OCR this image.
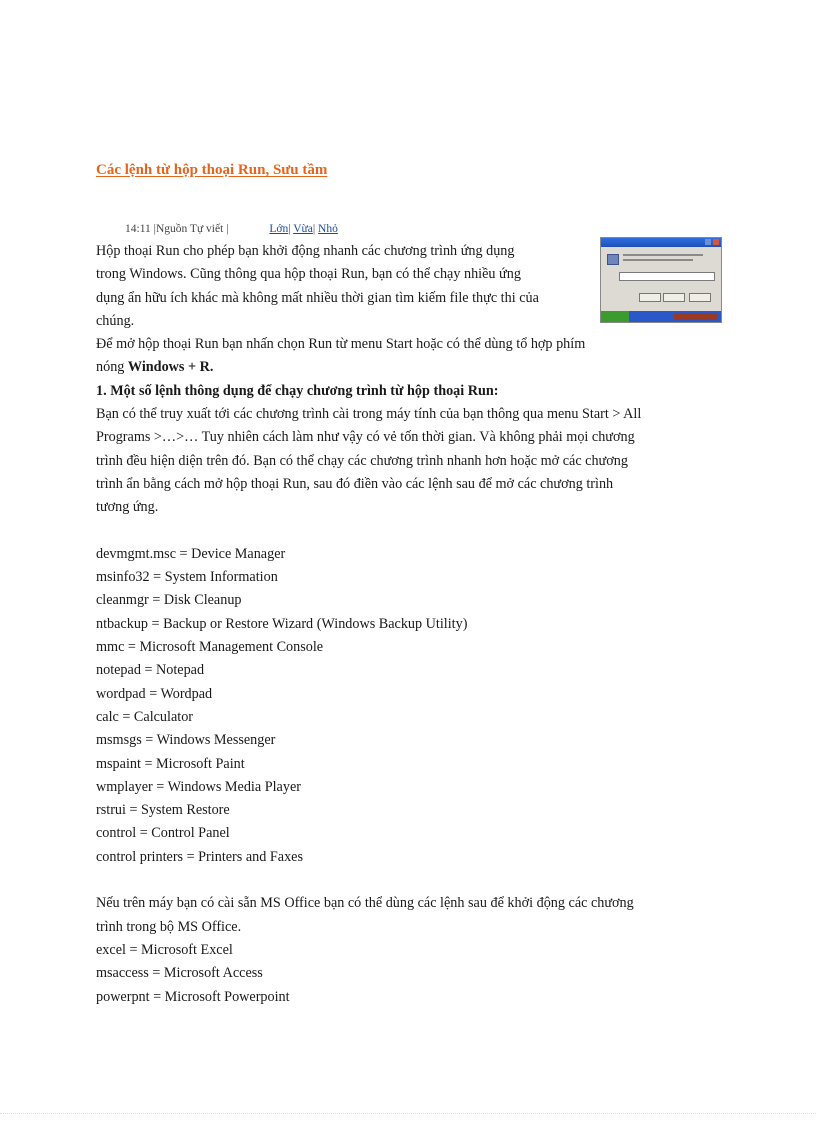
Các lệnh từ hộp thoại Run, Sưu tầm
14:11 |Nguồn Tự viết |	Lớn| Vừa| Nhỏ
Hộp thoại Run cho phép bạn khởi động nhanh các chương trình ứng dụng
trong Windows. Cũng thông qua hộp thoại Run, bạn có thể chạy nhiều ứng
dụng ẩn hữu ích khác mà không mất nhiều thời gian tìm kiếm file thực thi của
chúng.
Để mở hộp thoại Run bạn nhấn chọn Run từ menu Start hoặc có thể dùng tổ hợp phím
nóng Windows + R.
1. Một số lệnh thông dụng để chạy chương trình từ hộp thoại Run:
Bạn có thể truy xuất tới các chương trình cài trong máy tính của bạn thông qua menu Start > All
Programs >…>… Tuy nhiên cách làm như vậy có vẻ tốn thời gian. Và không phải mọi chương
trình đều hiện diện trên đó. Bạn có thể chạy các chương trình nhanh hơn hoặc mở các chương
trình ẩn bằng cách mở hộp thoại Run, sau đó điền vào các lệnh sau để mở các chương trình
tương ứng.
devmgmt.msc = Device Manager
msinfo32 = System Information
cleanmgr = Disk Cleanup
ntbackup = Backup or Restore Wizard (Windows Backup Utility)
mmc = Microsoft Management Console
notepad = Notepad
wordpad = Wordpad
calc = Calculator
msmsgs = Windows Messenger
mspaint = Microsoft Paint
wmplayer = Windows Media Player
rstrui = System Restore
control = Control Panel
control printers = Printers and Faxes
Nếu trên máy bạn có cài sẵn MS Office bạn có thể dùng các lệnh sau để khởi động các chương
trình trong bộ MS Office.
excel = Microsoft Excel
msaccess = Microsoft Access
powerpnt = Microsoft Powerpoint
